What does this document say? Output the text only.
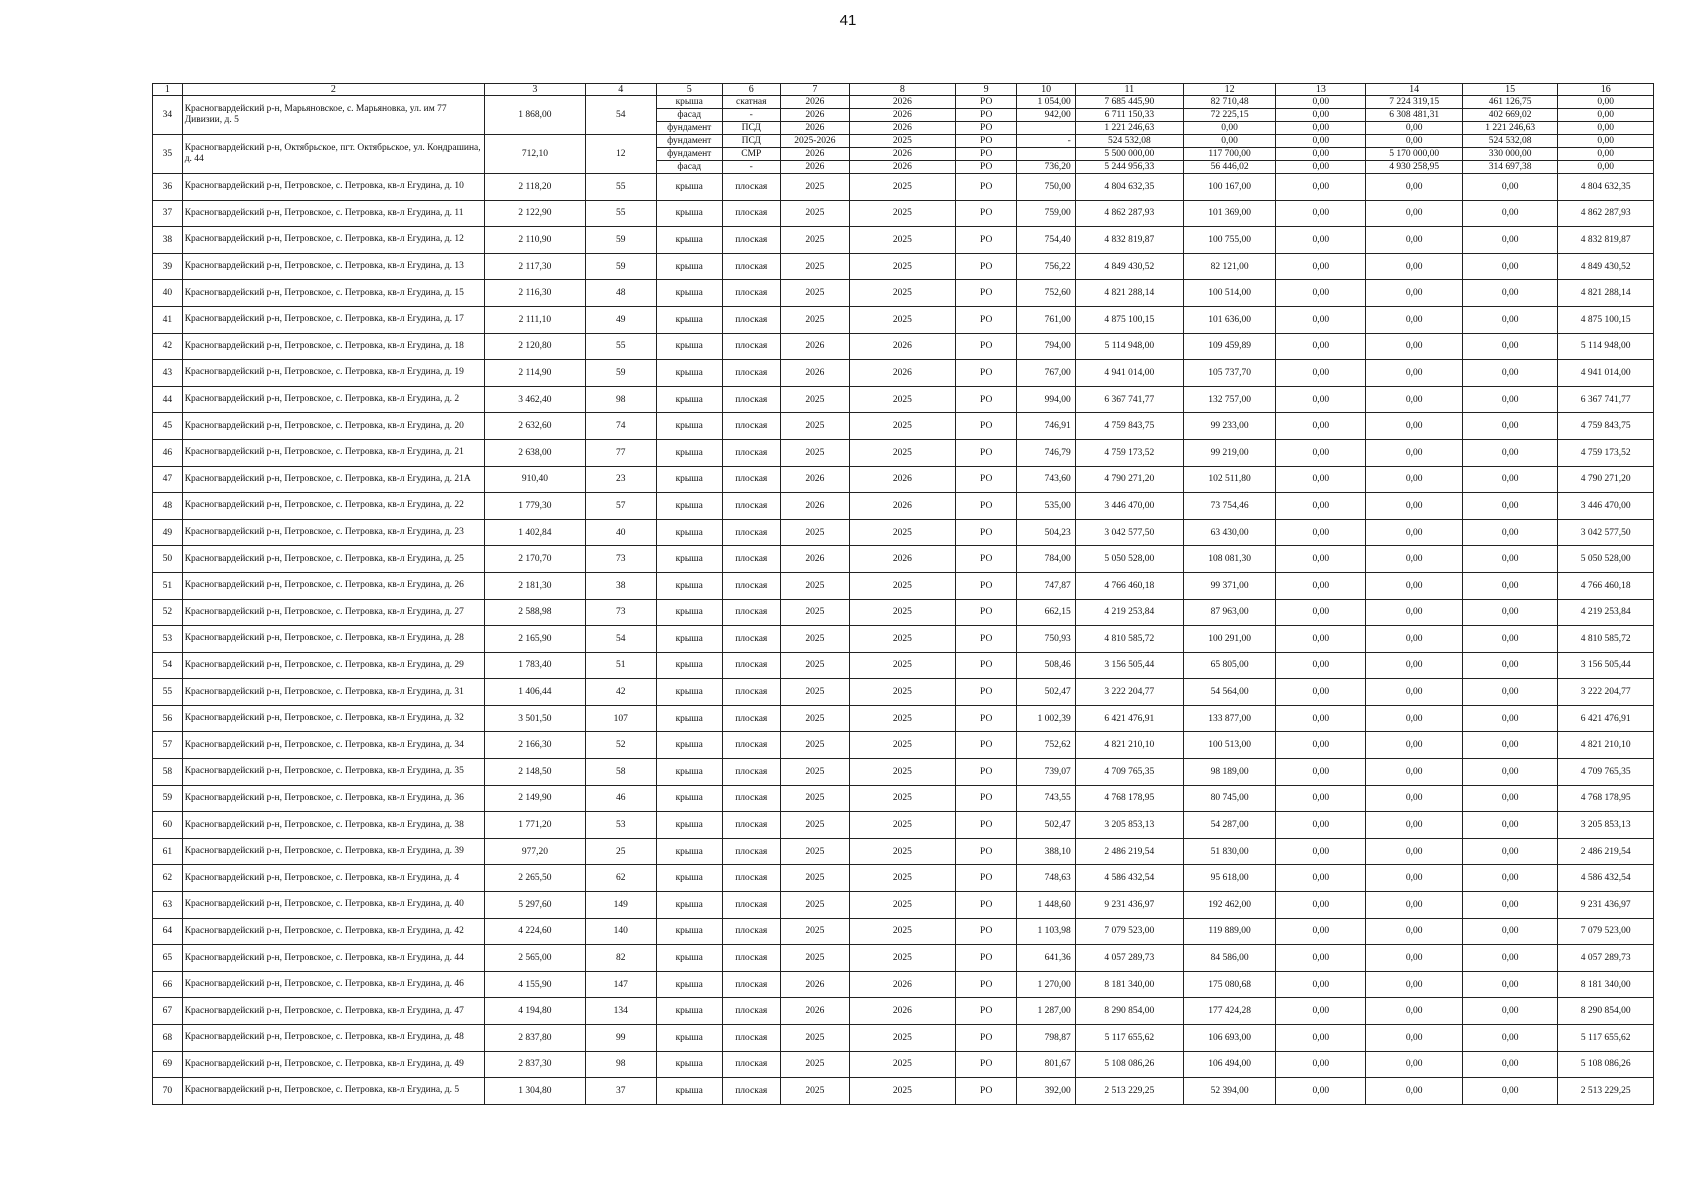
41
1	2	3	4	5	6	7	8	9	10	11	12	13	14	15	16
34	Красногвардейский р-н, Марьяновское, с. Марьяновка, ул. им 77 Дивизии, д. 5	1 868,00	54	крыша	скатная	2026	2026	РО	1 054,00	7 685 445,90	82 710,48	0,00	7 224 319,15	461 126,75	0,00
				фасад	-	2026	2026	РО	942,00	6 711 150,33	72 225,15	0,00	6 308 481,31	402 669,02	0,00
				фундамент	ПСД	2026	2026	РО		1 221 246,63	0,00	0,00	0,00	1 221 246,63	0,00
35	Красногвардейский р-н, Октябрьское, пгт. Октябрьское, ул. Кондрашина, д. 44	712,10	12	фундамент	ПСД	2025-2026	2025	РО	-	524 532,08	0,00	0,00	0,00	524 532,08	0,00
				фундамент	СМР	2026	2026	РО		5 500 000,00	117 700,00	0,00	5 170 000,00	330 000,00	0,00
				фасад	-	2026	2026	РО	736,20	5 244 956,33	56 446,02	0,00	4 930 258,95	314 697,38	0,00
36	Красногвардейский р-н, Петровское, с. Петровка, кв-л Егудина, д. 10	2 118,20	55	крыша	плоская	2025	2025	РО	750,00	4 804 632,35	100 167,00	0,00	0,00	0,00	4 804 632,35
37	Красногвардейский р-н, Петровское, с. Петровка, кв-л Егудина, д. 11	2 122,90	55	крыша	плоская	2025	2025	РО	759,00	4 862 287,93	101 369,00	0,00	0,00	0,00	4 862 287,93
38	Красногвардейский р-н, Петровское, с. Петровка, кв-л Егудина, д. 12	2 110,90	59	крыша	плоская	2025	2025	РО	754,40	4 832 819,87	100 755,00	0,00	0,00	0,00	4 832 819,87
39	Красногвардейский р-н, Петровское, с. Петровка, кв-л Егудина, д. 13	2 117,30	59	крыша	плоская	2025	2025	РО	756,22	4 849 430,52	82 121,00	0,00	0,00	0,00	4 849 430,52
40	Красногвардейский р-н, Петровское, с. Петровка, кв-л Егудина, д. 15	2 116,30	48	крыша	плоская	2025	2025	РО	752,60	4 821 288,14	100 514,00	0,00	0,00	0,00	4 821 288,14
41	Красногвардейский р-н, Петровское, с. Петровка, кв-л Егудина, д. 17	2 111,10	49	крыша	плоская	2025	2025	РО	761,00	4 875 100,15	101 636,00	0,00	0,00	0,00	4 875 100,15
42	Красногвардейский р-н, Петровское, с. Петровка, кв-л Егудина, д. 18	2 120,80	55	крыша	плоская	2026	2026	РО	794,00	5 114 948,00	109 459,89	0,00	0,00	0,00	5 114 948,00
43	Красногвардейский р-н, Петровское, с. Петровка, кв-л Егудина, д. 19	2 114,90	59	крыша	плоская	2026	2026	РО	767,00	4 941 014,00	105 737,70	0,00	0,00	0,00	4 941 014,00
44	Красногвардейский р-н, Петровское, с. Петровка, кв-л Егудина, д. 2	3 462,40	98	крыша	плоская	2025	2025	РО	994,00	6 367 741,77	132 757,00	0,00	0,00	0,00	6 367 741,77
45	Красногвардейский р-н, Петровское, с. Петровка, кв-л Егудина, д. 20	2 632,60	74	крыша	плоская	2025	2025	РО	746,91	4 759 843,75	99 233,00	0,00	0,00	0,00	4 759 843,75
46	Красногвардейский р-н, Петровское, с. Петровка, кв-л Егудина, д. 21	2 638,00	77	крыша	плоская	2025	2025	РО	746,79	4 759 173,52	99 219,00	0,00	0,00	0,00	4 759 173,52
47	Красногвардейский р-н, Петровское, с. Петровка, кв-л Егудина, д. 21А	910,40	23	крыша	плоская	2026	2026	РО	743,60	4 790 271,20	102 511,80	0,00	0,00	0,00	4 790 271,20
48	Красногвардейский р-н, Петровское, с. Петровка, кв-л Егудина, д. 22	1 779,30	57	крыша	плоская	2026	2026	РО	535,00	3 446 470,00	73 754,46	0,00	0,00	0,00	3 446 470,00
49	Красногвардейский р-н, Петровское, с. Петровка, кв-л Егудина, д. 23	1 402,84	40	крыша	плоская	2025	2025	РО	504,23	3 042 577,50	63 430,00	0,00	0,00	0,00	3 042 577,50
50	Красногвардейский р-н, Петровское, с. Петровка, кв-л Егудина, д. 25	2 170,70	73	крыша	плоская	2026	2026	РО	784,00	5 050 528,00	108 081,30	0,00	0,00	0,00	5 050 528,00
51	Красногвардейский р-н, Петровское, с. Петровка, кв-л Егудина, д. 26	2 181,30	38	крыша	плоская	2025	2025	РО	747,87	4 766 460,18	99 371,00	0,00	0,00	0,00	4 766 460,18
52	Красногвардейский р-н, Петровское, с. Петровка, кв-л Егудина, д. 27	2 588,98	73	крыша	плоская	2025	2025	РО	662,15	4 219 253,84	87 963,00	0,00	0,00	0,00	4 219 253,84
53	Красногвардейский р-н, Петровское, с. Петровка, кв-л Егудина, д. 28	2 165,90	54	крыша	плоская	2025	2025	РО	750,93	4 810 585,72	100 291,00	0,00	0,00	0,00	4 810 585,72
54	Красногвардейский р-н, Петровское, с. Петровка, кв-л Егудина, д. 29	1 783,40	51	крыша	плоская	2025	2025	РО	508,46	3 156 505,44	65 805,00	0,00	0,00	0,00	3 156 505,44
55	Красногвардейский р-н, Петровское, с. Петровка, кв-л Егудина, д. 31	1 406,44	42	крыша	плоская	2025	2025	РО	502,47	3 222 204,77	54 564,00	0,00	0,00	0,00	3 222 204,77
56	Красногвардейский р-н, Петровское, с. Петровка, кв-л Егудина, д. 32	3 501,50	107	крыша	плоская	2025	2025	РО	1 002,39	6 421 476,91	133 877,00	0,00	0,00	0,00	6 421 476,91
57	Красногвардейский р-н, Петровское, с. Петровка, кв-л Егудина, д. 34	2 166,30	52	крыша	плоская	2025	2025	РО	752,62	4 821 210,10	100 513,00	0,00	0,00	0,00	4 821 210,10
58	Красногвардейский р-н, Петровское, с. Петровка, кв-л Егудина, д. 35	2 148,50	58	крыша	плоская	2025	2025	РО	739,07	4 709 765,35	98 189,00	0,00	0,00	0,00	4 709 765,35
59	Красногвардейский р-н, Петровское, с. Петровка, кв-л Егудина, д. 36	2 149,90	46	крыша	плоская	2025	2025	РО	743,55	4 768 178,95	80 745,00	0,00	0,00	0,00	4 768 178,95
60	Красногвардейский р-н, Петровское, с. Петровка, кв-л Егудина, д. 38	1 771,20	53	крыша	плоская	2025	2025	РО	502,47	3 205 853,13	54 287,00	0,00	0,00	0,00	3 205 853,13
61	Красногвардейский р-н, Петровское, с. Петровка, кв-л Егудина, д. 39	977,20	25	крыша	плоская	2025	2025	РО	388,10	2 486 219,54	51 830,00	0,00	0,00	0,00	2 486 219,54
62	Красногвардейский р-н, Петровское, с. Петровка, кв-л Егудина, д. 4	2 265,50	62	крыша	плоская	2025	2025	РО	748,63	4 586 432,54	95 618,00	0,00	0,00	0,00	4 586 432,54
63	Красногвардейский р-н, Петровское, с. Петровка, кв-л Егудина, д. 40	5 297,60	149	крыша	плоская	2025	2025	РО	1 448,60	9 231 436,97	192 462,00	0,00	0,00	0,00	9 231 436,97
64	Красногвардейский р-н, Петровское, с. Петровка, кв-л Егудина, д. 42	4 224,60	140	крыша	плоская	2025	2025	РО	1 103,98	7 079 523,00	119 889,00	0,00	0,00	0,00	7 079 523,00
65	Красногвардейский р-н, Петровское, с. Петровка, кв-л Егудина, д. 44	2 565,00	82	крыша	плоская	2025	2025	РО	641,36	4 057 289,73	84 586,00	0,00	0,00	0,00	4 057 289,73
66	Красногвардейский р-н, Петровское, с. Петровка, кв-л Егудина, д. 46	4 155,90	147	крыша	плоская	2026	2026	РО	1 270,00	8 181 340,00	175 080,68	0,00	0,00	0,00	8 181 340,00
67	Красногвардейский р-н, Петровское, с. Петровка, кв-л Егудина, д. 47	4 194,80	134	крыша	плоская	2026	2026	РО	1 287,00	8 290 854,00	177 424,28	0,00	0,00	0,00	8 290 854,00
68	Красногвардейский р-н, Петровское, с. Петровка, кв-л Егудина, д. 48	2 837,80	99	крыша	плоская	2025	2025	РО	798,87	5 117 655,62	106 693,00	0,00	0,00	0,00	5 117 655,62
69	Красногвардейский р-н, Петровское, с. Петровка, кв-л Егудина, д. 49	2 837,30	98	крыша	плоская	2025	2025	РО	801,67	5 108 086,26	106 494,00	0,00	0,00	0,00	5 108 086,26
70	Красногвардейский р-н, Петровское, с. Петровка, кв-л Егудина, д. 5	1 304,80	37	крыша	плоская	2025	2025	РО	392,00	2 513 229,25	52 394,00	0,00	0,00	0,00	2 513 229,25
